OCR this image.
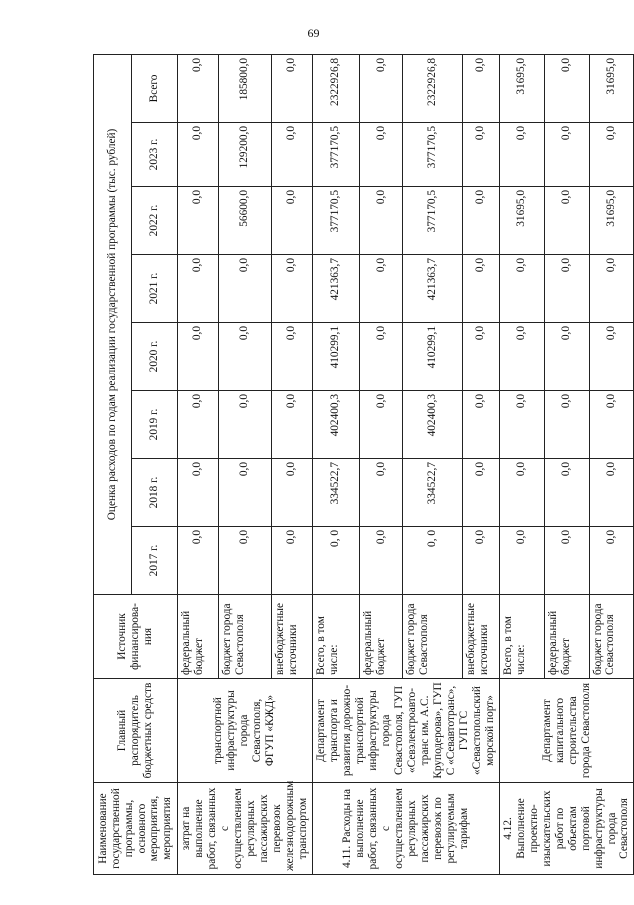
69
Наименование государственной программы, основного мероприятия, мероприятия	Главный распорядитель бюджетных средств	Источник финансирова-ния	Оценка расходов по годам реализации государственной программы (тыс. рублей)							
			2017 г.	2018 г.	2019 г.	2020 г.	2021 г.	2022 г.	2023 г.	Всего
затрат на выполнение работ, связанных с осуществлением регулярных пассажирских перевозок железнодорожным транспортом	транспортной инфраструктуры города Севастополя, ФГУП «КЖД»	федеральный бюджет	0,0	0,0	0,0	0,0	0,0	0,0	0,0	0,0
		бюджет города Севастополя	0,0	0,0	0,0	0,0	0,0	56600,0	129200,0	185800,0
		внебюджетные источники	0,0	0,0	0,0	0,0	0,0	0,0	0,0	0,0
4.11. Расходы на выполнение работ, связанных с осуществлением регулярных пассажирских перевозок по регулируемым тарифам	Департамент транспорта и развития дорожно-транспортной инфраструктуры города Севастополя, ГУП «Севэлектроавто-транс им. А.С. Круподерова», ГУП С «Севавтотранс», ГУП ГС «Севастопольский морской порт»	Всего, в том числе:	0, 0	334522,7	402400,3	410299,1	421363,7	377170,5	377170,5	2322926,8
		федеральный бюджет	0,0	0,0	0,0	0,0	0,0	0,0	0,0	0,0
		бюджет города Севастополя	0, 0	334522,7	402400,3	410299,1	421363,7	377170,5	377170,5	2322926,8
		внебюджетные источники	0,0	0,0	0,0	0,0	0,0	0,0	0,0	0,0
4.12. Выполнение проектно-изыскательских работ по объектам портовой инфраструктуры города Севастополя	Департамент капитального строительства города Севастополя	Всего, в том числе:	0,0	0,0	0,0	0,0	0,0	31695,0	0,0	31695,0
		федеральный бюджет	0,0	0,0	0,0	0,0	0,0	0,0	0,0	0,0
		бюджет города Севастополя	0,0	0,0	0,0	0,0	0,0	31695,0	0,0	31695,0
